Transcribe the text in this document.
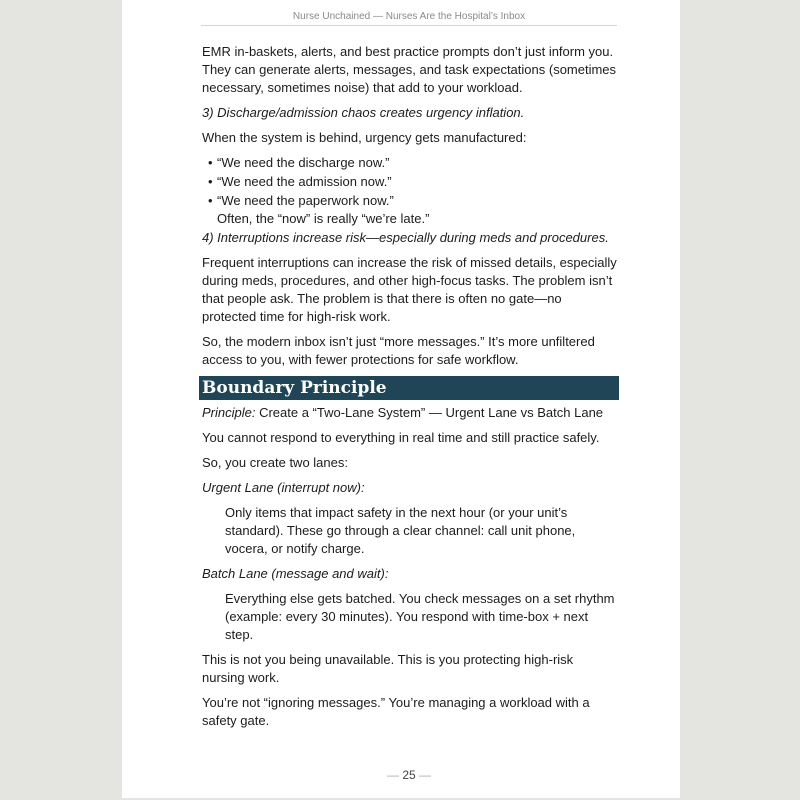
Nurse Unchained — Nurses Are the Hospital’s Inbox

EMR in-baskets, alerts, and best practice prompts don’t just inform you. They can generate alerts, messages, and task expectations (sometimes necessary, sometimes noise) that add to your workload.

3) Discharge/admission chaos creates urgency inflation.

When the system is behind, urgency gets manufactured:

• “We need the discharge now.”
• “We need the admission now.”
• “We need the paperwork now.”
Often, the “now” is really “we’re late.”

4) Interruptions increase risk—especially during meds and procedures.

Frequent interruptions can increase the risk of missed details, especially during meds, procedures, and other high-focus tasks. The problem isn’t that people ask. The problem is that there is often no gate—no protected time for high-risk work.

So, the modern inbox isn’t just “more messages.” It’s more unfiltered access to you, with fewer protections for safe workflow.

Boundary Principle

Principle: Create a “Two-Lane System” — Urgent Lane vs Batch Lane

You cannot respond to everything in real time and still practice safely.

So, you create two lanes:

Urgent Lane (interrupt now):

Only items that impact safety in the next hour (or your unit’s standard). These go through a clear channel: call unit phone, vocera, or notify charge.

Batch Lane (message and wait):

Everything else gets batched. You check messages on a set rhythm (example: every 30 minutes). You respond with time-box + next step.

This is not you being unavailable. This is you protecting high-risk nursing work.

You’re not “ignoring messages.” You’re managing a workload with a safety gate.

— 25 —
